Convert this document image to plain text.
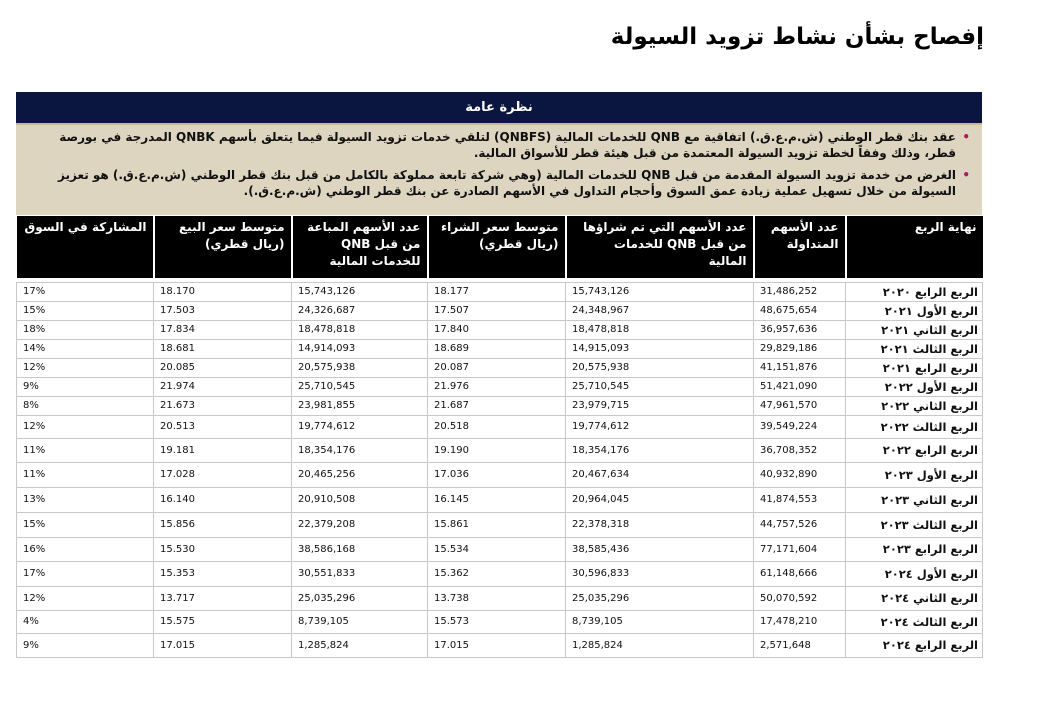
إفصاح بشأن نشاط تزويد السيولة
نظرة عامة
•
عقد بنك قطر الوطني (ش.م.ع.ق.) اتفاقية مع QNB للخدمات المالية (QNBFS) لتلقي خدمات تزويد السيولة فيما يتعلق بأسهم QNBK المدرجة في بورصة قطر، وذلك وفقاً لخطة تزويد السيولة المعتمدة من قبل هيئة قطر للأسواق المالية.
•
الغرض من خدمة تزويد السيولة المقدمة من قبل QNB للخدمات المالية (وهي شركة تابعة مملوكة بالكامل من قبل بنك قطر الوطني (ش.م.ع.ق.) هو تعزيز السيولة من خلال تسهيل عملية زيادة عمق السوق وأحجام التداول في الأسهم الصادرة عن بنك قطر الوطني (ش.م.ع.ق.).
نهاية الربع	عدد الأسهم المتداولة	عدد الأسهم التي تم شراؤها من قبل QNB للخدمات المالية	متوسط سعر الشراء (ريال قطري)	عدد الأسهم المباعة من قبل QNB للخدمات المالية	متوسط سعر البيع (ريال قطري)	المشاركة في السوق

الربع الرابع ٢٠٢٠	31,486,252	15,743,126	18.177	15,743,126	18.170	17%
الربع الأول ٢٠٢١	48,675,654	24,348,967	17.507	24,326,687	17.503	15%
الربع الثاني ٢٠٢١	36,957,636	18,478,818	17.840	18,478,818	17.834	18%
الربع الثالث ٢٠٢١	29,829,186	14,915,093	18.689	14,914,093	18.681	14%
الربع الرابع ٢٠٢١	41,151,876	20,575,938	20.087	20,575,938	20.085	12%
الربع الأول ٢٠٢٢	51,421,090	25,710,545	21.976	25,710,545	21.974	9%
الربع الثاني ٢٠٢٢	47,961,570	23,979,715	21.687	23,981,855	21.673	8%
الربع الثالث ٢٠٢٢	39,549,224	19,774,612	20.518	19,774,612	20.513	12%
الربع الرابع ٢٠٢٢	36,708,352	18,354,176	19.190	18,354,176	19.181	11%
الربع الأول ٢٠٢٣	40,932,890	20,467,634	17.036	20,465,256	17.028	11%
الربع الثاني ٢٠٢٣	41,874,553	20,964,045	16.145	20,910,508	16.140	13%
الربع الثالث ٢٠٢٣	44,757,526	22,378,318	15.861	22,379,208	15.856	15%
الربع الرابع ٢٠٢٣	77,171,604	38,585,436	15.534	38,586,168	15.530	16%
الربع الأول ٢٠٢٤	61,148,666	30,596,833	15.362	30,551,833	15.353	17%
الربع الثاني ٢٠٢٤	50,070,592	25,035,296	13.738	25,035,296	13.717	12%
الربع الثالث ٢٠٢٤	17,478,210	8,739,105	15.573	8,739,105	15.575	4%
الربع الرابع ٢٠٢٤	2,571,648	1,285,824	17.015	1,285,824	17.015	9%
